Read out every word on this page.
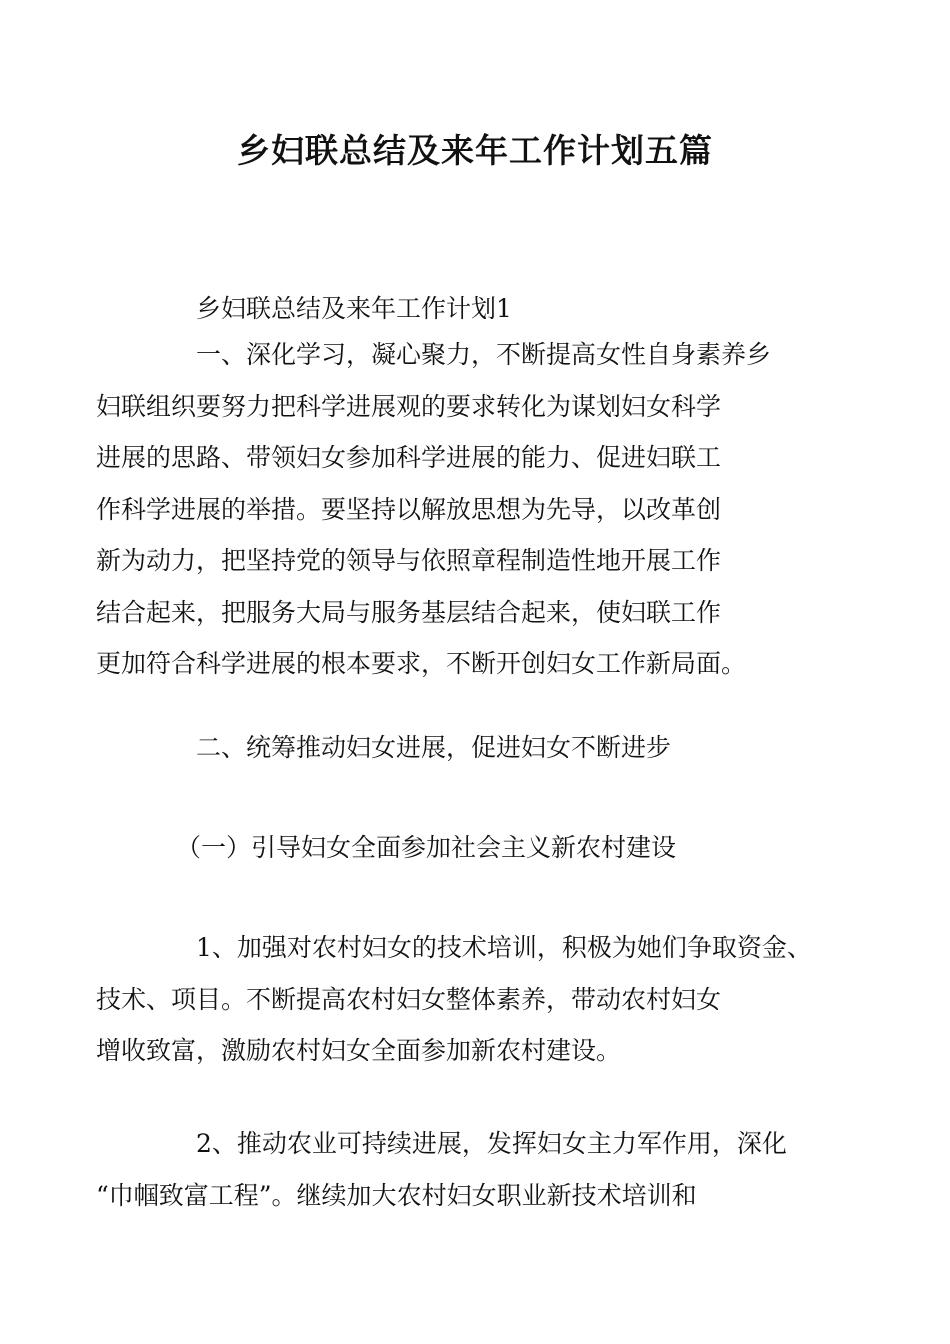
乡妇联总结及来年工作计划五篇

乡妇联总结及来年工作计划1

一、深化学习，凝心聚力，不断提高女性自身素养乡
妇联组织要努力把科学进展观的要求转化为谋划妇女科学
进展的思路、带领妇女参加科学进展的能力、促进妇联工
作科学进展的举措。要坚持以解放思想为先导，以改革创
新为动力，把坚持党的领导与依照章程制造性地开展工作
结合起来，把服务大局与服务基层结合起来，使妇联工作
更加符合科学进展的根本要求，不断开创妇女工作新局面。

二、统筹推动妇女进展，促进妇女不断进步

（一）引导妇女全面参加社会主义新农村建设

1、加强对农村妇女的技术培训，积极为她们争取资金、
技术、项目。不断提高农村妇女整体素养，带动农村妇女
增收致富，激励农村妇女全面参加新农村建设。

2、推动农业可持续进展，发挥妇女主力军作用，深化
“巾帼致富工程”。继续加大农村妇女职业新技术培训和
